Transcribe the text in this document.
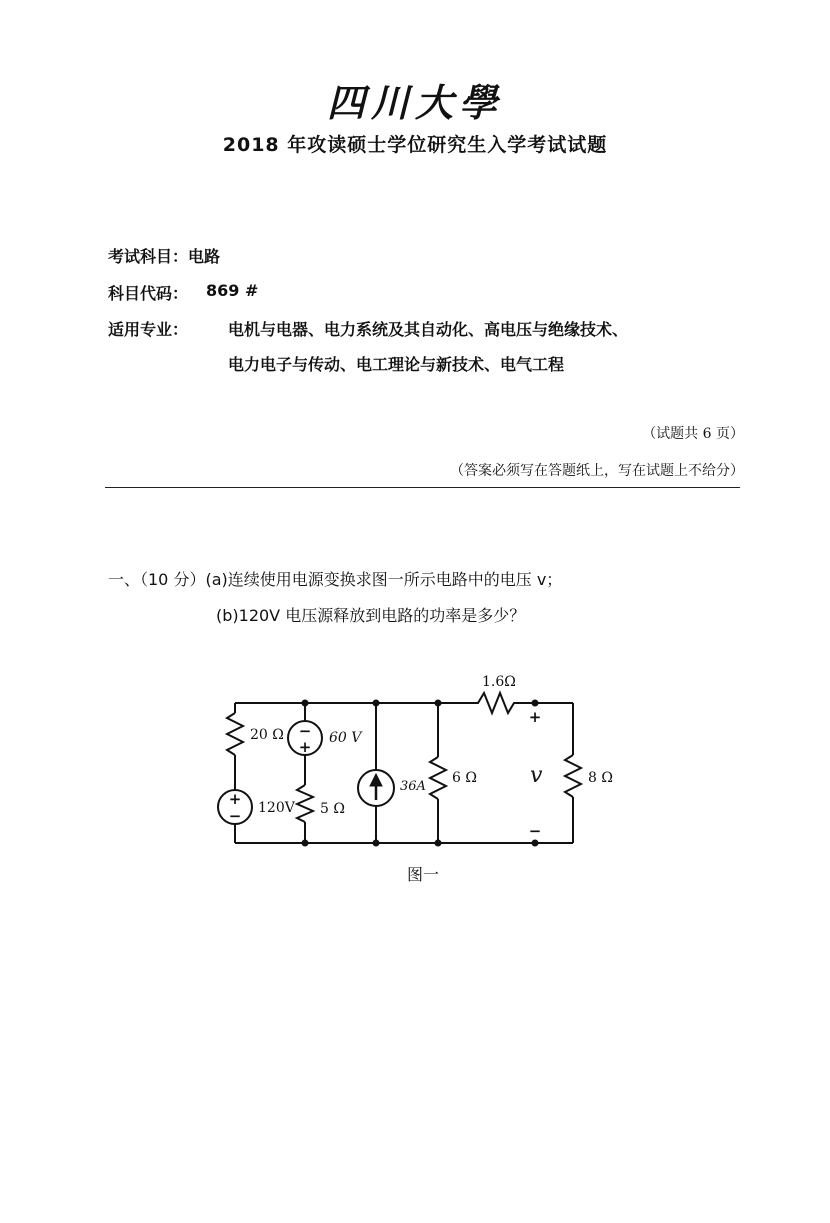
四川大學
2018 年攻读硕士学位研究生入学考试试题
考试科目：电路
科目代码： 869 #
适用专业： 电机与电器、电力系统及其自动化、高电压与绝缘技术、
电力电子与传动、电工理论与新技术、电气工程
（试题共 6 页）
（答案必须写在答题纸上，写在试题上不给分）
一、（10 分）(a)连续使用电源变换求图一所示电路中的电压 v；
(b)120V 电压源释放到电路的功率是多少？
−
+
+
−
+
−
20 Ω	60 V
120V 5 Ω
36A
6 Ω
1.6Ω
v	8 Ω
图一
